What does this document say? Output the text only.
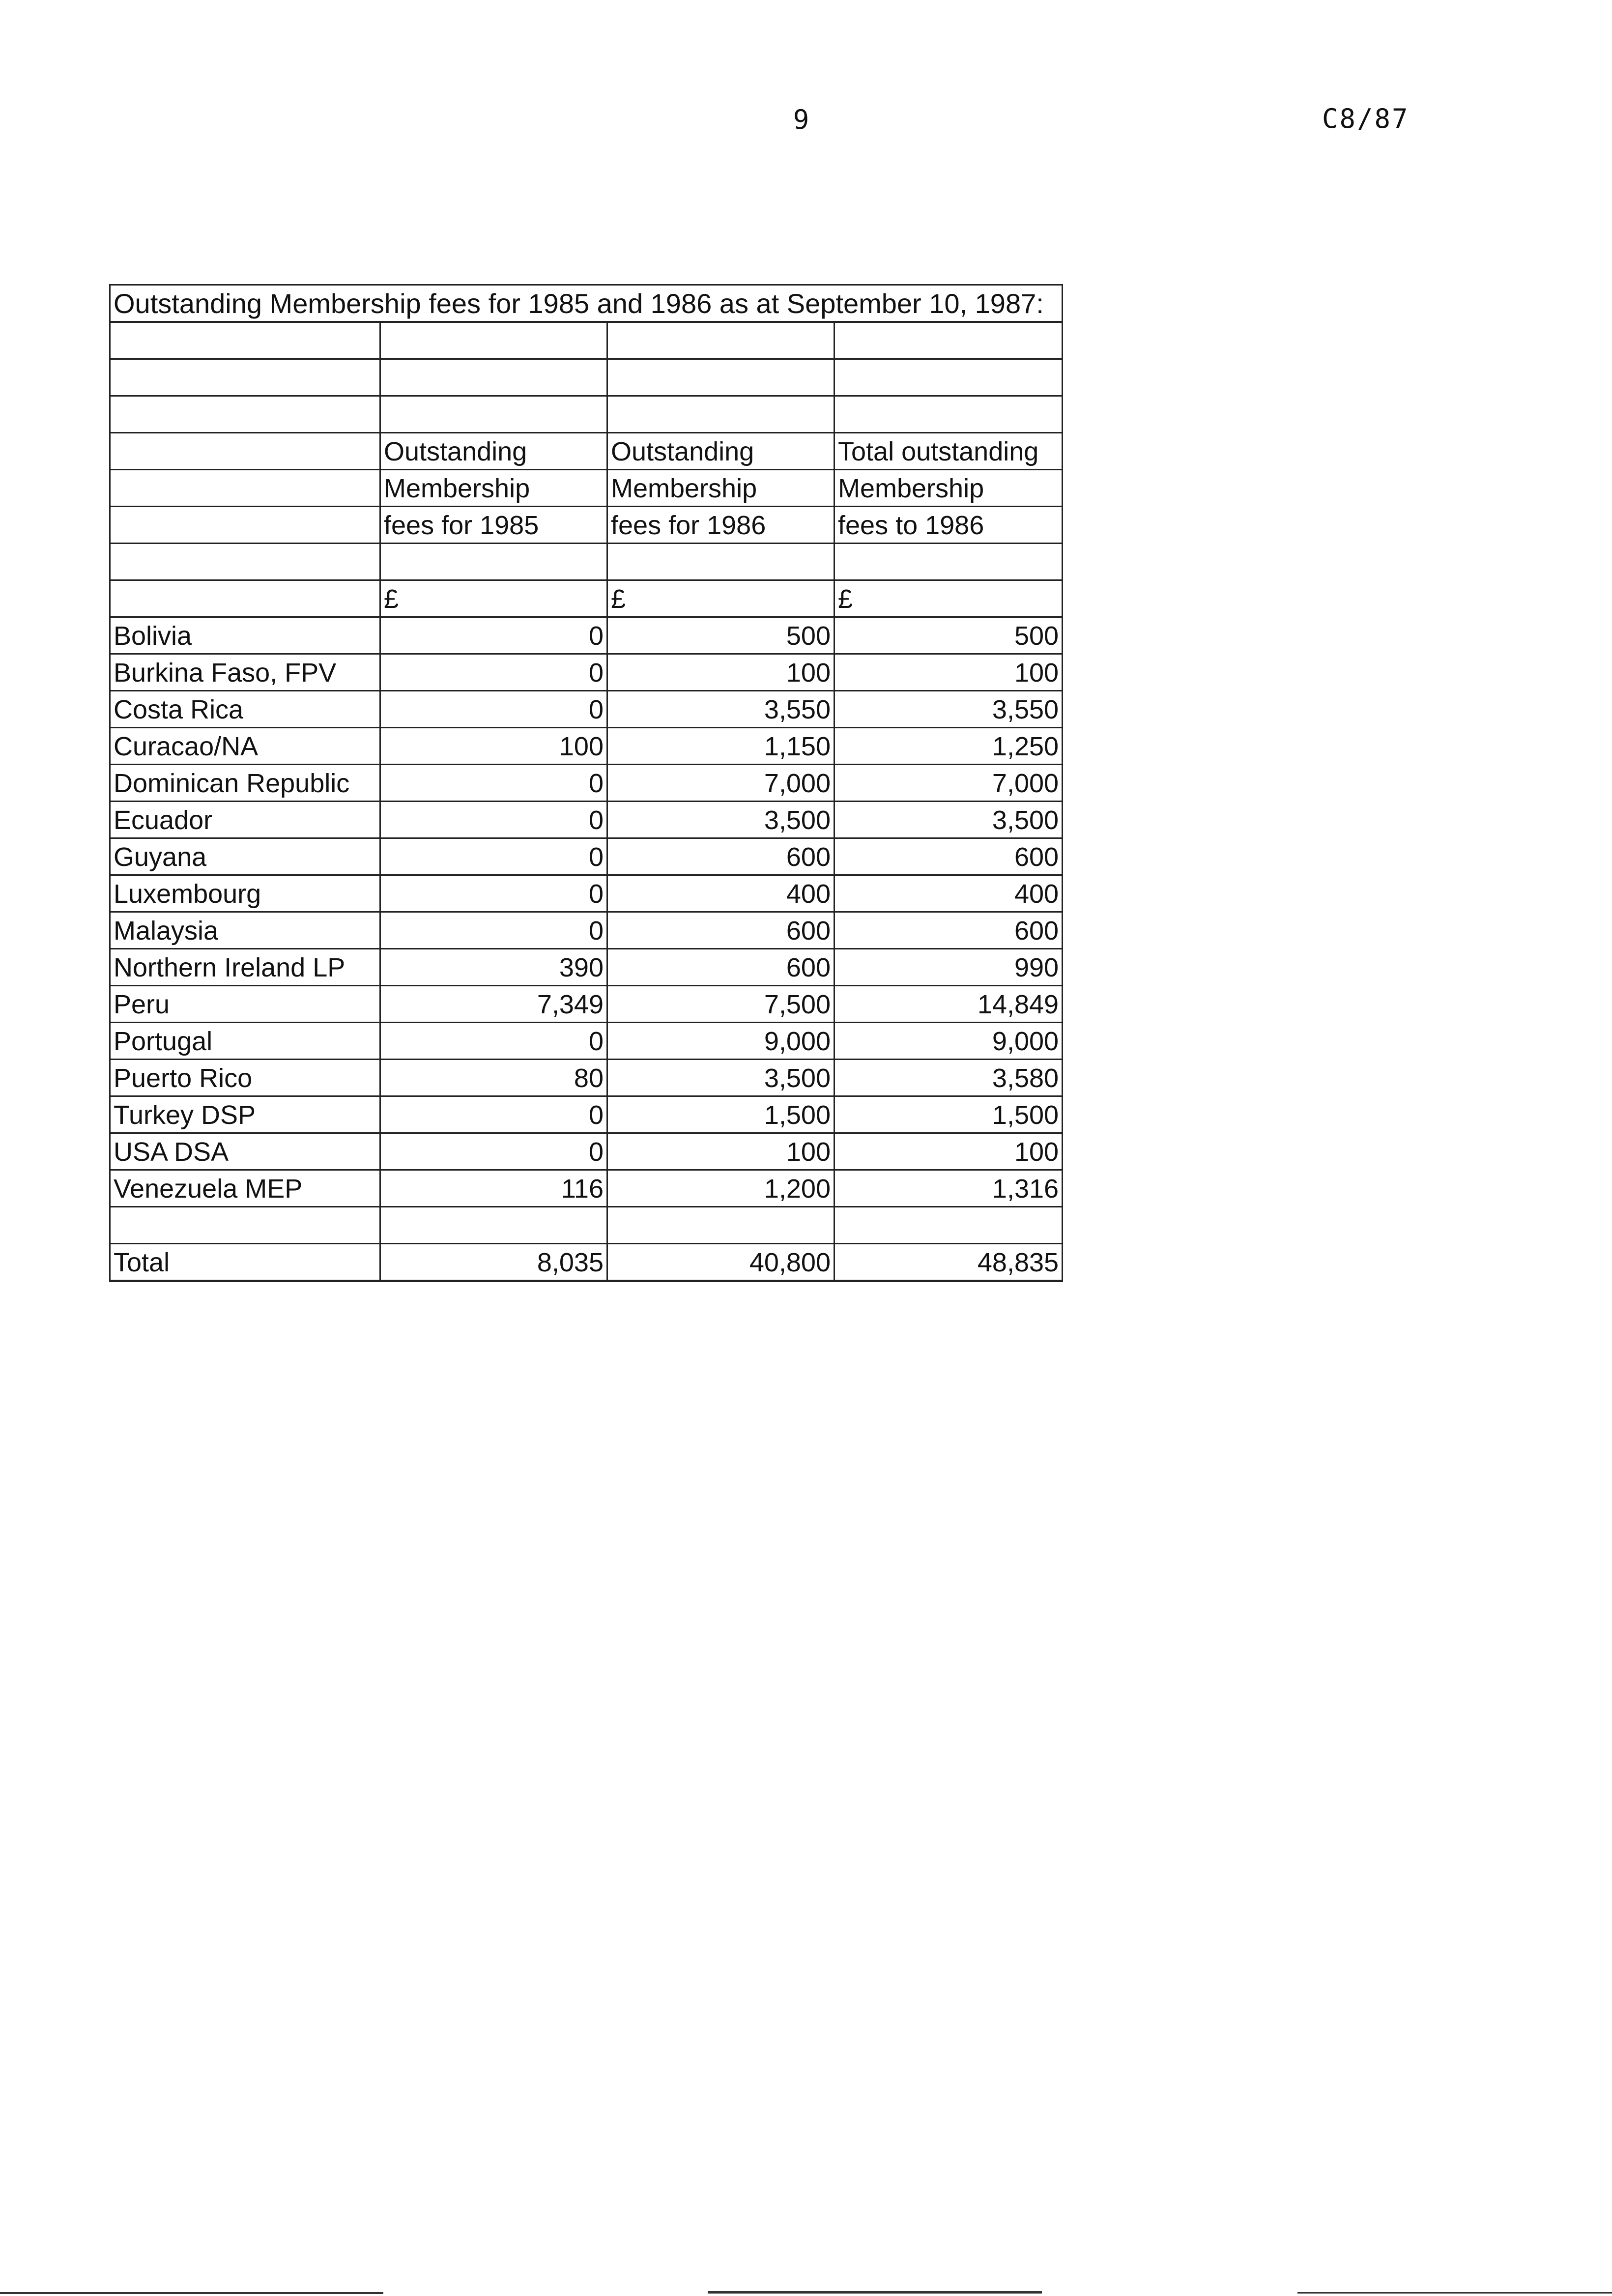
9	C8/87
Outstanding Membership fees for 1985 and 1986 as at September 10, 1987:			

	Outstanding	Outstanding	Total outstanding
	Membership	Membership	Membership
	fees for 1985	fees for 1986	fees to 1986

	£	£	£
Bolivia	0	500	500
Burkina Faso, FPV	0	100	100
Costa Rica	0	3,550	3,550
Curacao/NA	100	1,150	1,250
Dominican Republic	0	7,000	7,000
Ecuador	0	3,500	3,500
Guyana	0	600	600
Luxembourg	0	400	400
Malaysia	0	600	600
Northern Ireland LP	390	600	990
Peru	7,349	7,500	14,849
Portugal	0	9,000	9,000
Puerto Rico	80	3,500	3,580
Turkey DSP	0	1,500	1,500
USA DSA	0	100	100
Venezuela MEP	116	1,200	1,316

Total	8,035	40,800	48,835
